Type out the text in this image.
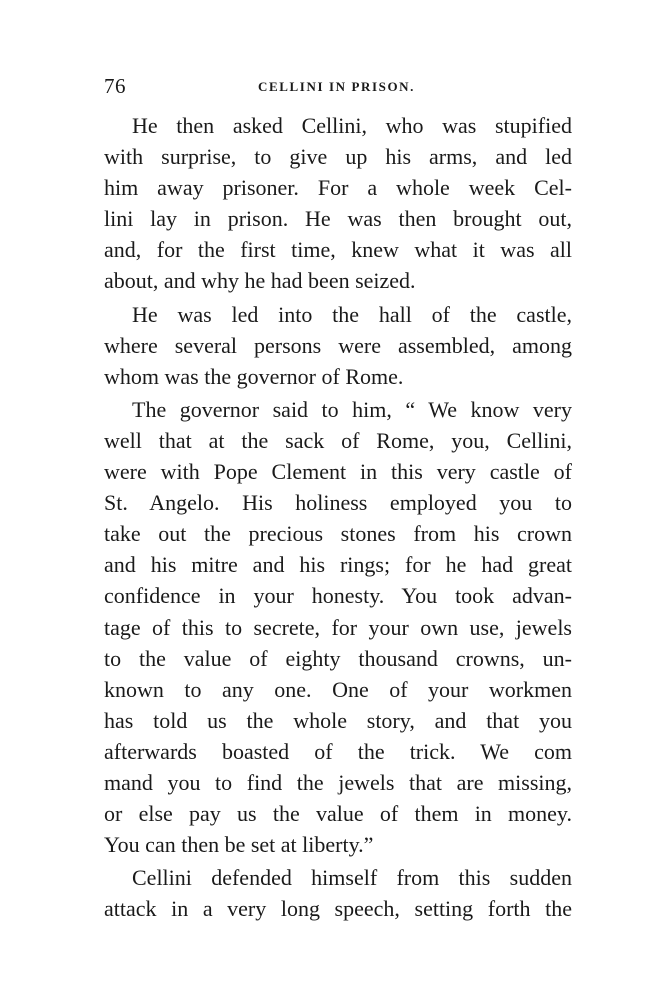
76	CELLINI IN PRISON.
He then asked Cellini, who was stupified
with surprise, to give up his arms, and led
him away prisoner. For a whole week Cel-
lini lay in prison. He was then brought out,
and, for the first time, knew what it was all
about, and why he had been seized.
He was led into the hall of the castle,
where several persons were assembled, among
whom was the governor of Rome.
The governor said to him, “ We know very
well that at the sack of Rome, you, Cellini,
were with Pope Clement in this very castle of
St. Angelo. His holiness employed you to
take out the precious stones from his crown
and his mitre and his rings; for he had great
confidence in your honesty. You took advan-
tage of this to secrete, for your own use, jewels
to the value of eighty thousand crowns, un-
known to any one. One of your workmen
has told us the whole story, and that you
afterwards boasted of the trick. We com
mand you to find the jewels that are missing,
or else pay us the value of them in money.
You can then be set at liberty.”
Cellini defended himself from this sudden
attack in a very long speech, setting forth the
